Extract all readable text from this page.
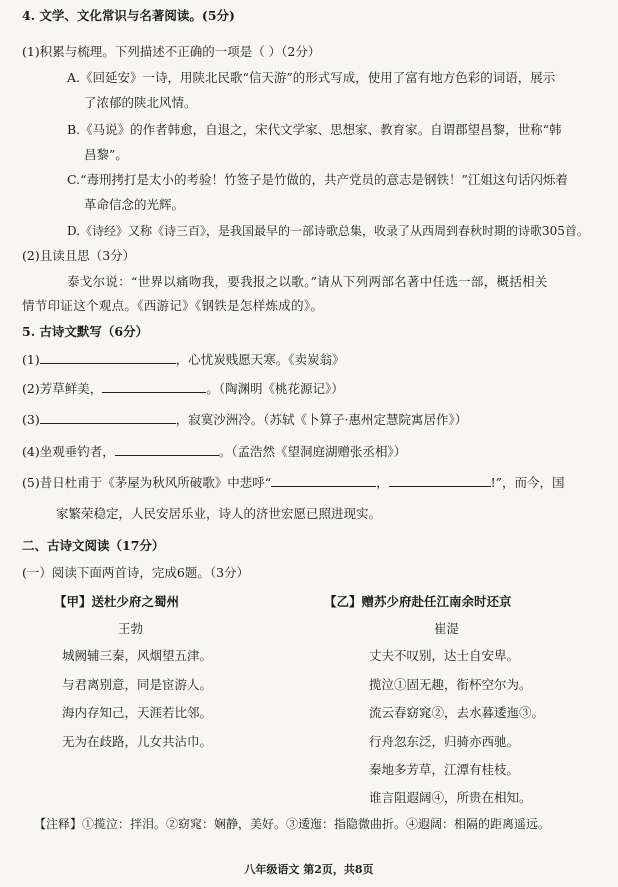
4. 文学、文化常识与名著阅读。(5分)
(1)积累与梳理。下列描述不正确的一项是（ ）（2分）
A.《回延安》一诗，用陕北民歌“信天游”的形式写成，使用了富有地方色彩的词语，展示
了浓郁的陕北风情。
B.《马说》的作者韩愈，自退之，宋代文学家、思想家、教育家。自谓郡望昌黎，世称“韩
昌黎”。
C.“毒刑拷打是太小的考验！竹签子是竹做的，共产党员的意志是钢铁！”江姐这句话闪烁着
革命信念的光辉。
D.《诗经》又称《诗三百》，是我国最早的一部诗歌总集，收录了从西周到春秋时期的诗歌305首。
(2)且读且思（3分）
泰戈尔说：“世界以痛吻我，要我报之以歌。”请从下列两部名著中任选一部，概括相关
情节印证这个观点。《西游记》《钢铁是怎样炼成的》。
5. 古诗文默写（6分）
(1)	，心忧炭贱愿天寒。《卖炭翁》
(2)芳草鲜美，	。（陶渊明《桃花源记》）
(3)	，寂寞沙洲冷。（苏轼《卜算子·惠州定慧院寓居作》）
(4)坐观垂钓者，	。（孟浩然《望洞庭湖赠张丞相》）
(5)昔日杜甫于《茅屋为秋风所破歌》中悲呼“	，	!”，而今，国
家繁荣稳定，人民安居乐业，诗人的济世宏愿已照进现实。
二、古诗文阅读（17分）
(一）阅读下面两首诗，完成6题。（3分）
【甲】送杜少府之蜀州
王勃
城阙辅三秦，风烟望五津。
与君离别意，同是宦游人。
海内存知己，天涯若比邻。
无为在歧路，儿女共沾巾。
【乙】赠苏少府赴任江南余时还京
崔湜
丈夫不叹别，达士自安卑。
揽泣①固无趣，衔杯空尔为。
流云春窈窕②，去水暮逶迤③。
行舟忽东泛，归骑亦西驰。
秦地多芳草，江潭有桂枝。
谁言阻遐阔④，所贵在相知。
【注释】①揽泣：拌泪。②窈窕：娴静，美好。③逶迤：指隐微曲折。④遐阔：相隔的距离遥远。
八年级语文 第2页，共8页
